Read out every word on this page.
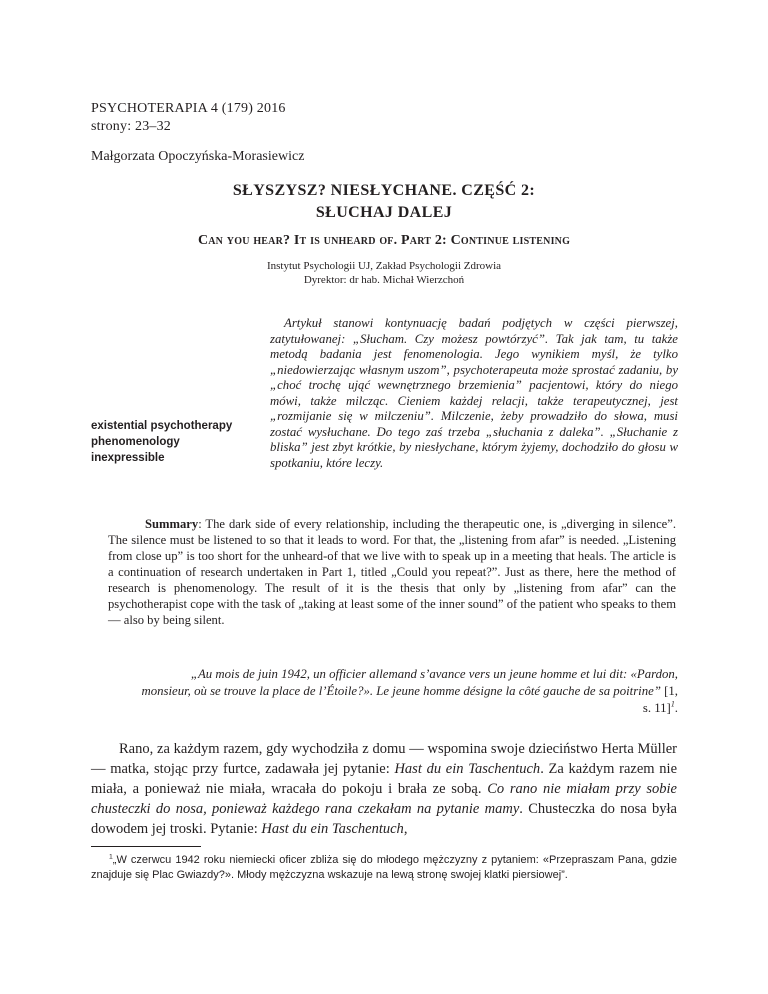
PSYCHOTERAPIA 4 (179) 2016
strony: 23–32
Małgorzata Opoczyńska-Morasiewicz
SŁYSZYSZ? NIESŁYCHANE. CZĘŚĆ 2:
SŁUCHAJ DALEJ
Can you hear? It is unheard of. Part 2: Continue listening
Instytut Psychologii UJ, Zakład Psychologii Zdrowia
Dyrektor: dr hab. Michał Wierzchoń
existential psychotherapy
phenomenology
inexpressible

Artykuł stanowi kontynuację badań podjętych w części pierwszej, zatytułowanej: „Słucham. Czy możesz powtórzyć”. Tak jak tam, tu także metodą badania jest fenomenologia. Jego wynikiem myśl, że tylko „niedowierzając własnym uszom”, psychoterapeuta może sprostać zadaniu, by „choć trochę ująć wewnętrznego brzemienia” pacjentowi, który do niego mówi, także milcząc. Cieniem każdej relacji, także terapeutycznej, jest „rozmijanie się w milczeniu”. Milczenie, żeby prowadziło do słowa, musi zostać wysłuchane. Do tego zaś trzeba „słuchania z daleka”. „Słuchanie z bliska” jest zbyt krótkie, by niesłychane, którym żyjemy, dochodziło do głosu w spotkaniu, które leczy.

Summary: The dark side of every relationship, including the therapeutic one, is „diverging in silence”. The silence must be listened to so that it leads to word. For that, the „listening from afar” is needed. „Listening from close up” is too short for the unheard-of that we live with to speak up in a meeting that heals. The article is a continuation of research undertaken in Part 1, titled „Could you repeat?”. Just as there, here the method of research is phenomenology. The result of it is the thesis that only by „listening from afar” can the psychotherapist cope with the task of „taking at least some of the inner sound” of the patient who speaks to them — also by being silent.

„Au mois de juin 1942, un officier allemand s’avance vers un jeune homme et lui dit: «Pardon, monsieur, où se trouve la place de l’Étoile?». Le jeune homme désigne la côté gauche de sa poitrine” [1, s. 11]$^1$.

Rano, za każdym razem, gdy wychodziła z domu — wspomina swoje dzieciństwo Herta Müller — matka, stojąc przy furtce, zadawała jej pytanie: Hast du ein Taschentuch. Za każdym razem nie miała, a ponieważ nie miała, wracała do pokoju i brała ze sobą. Co rano nie miałam przy sobie chusteczki do nosa, ponieważ każdego rana czekałam na pytanie mamy. Chusteczka do nosa była dowodem jej troski. Pytanie: Hast du ein Taschentuch,

$^1$„W czerwcu 1942 roku niemiecki oficer zbliża się do młodego mężczyzny z pytaniem: «Przepraszam Pana, gdzie znajduje się Plac Gwiazdy?». Młody mężczyzna wskazuje na lewą stronę swojej klatki piersiowej”.
